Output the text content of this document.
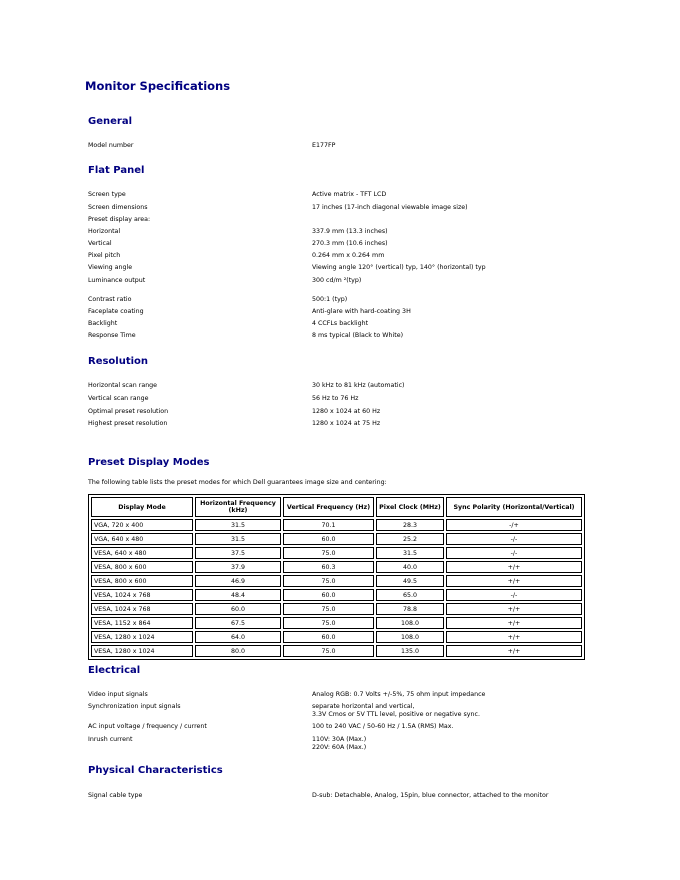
Monitor Specifications
General
Model number	E177FP
Flat Panel
Screen type	Active matrix - TFT LCD
Screen dimensions	17 inches (17-inch diagonal viewable image size)
Preset display area:
Horizontal	337.9 mm (13.3 inches)
Vertical	270.3 mm (10.6 inches)
Pixel pitch	0.264 mm x 0.264 mm
Viewing angle	Viewing angle 120° (vertical) typ, 140° (horizontal) typ
Luminance output	300 cd/m ²(typ)
Contrast ratio	500:1 (typ)
Faceplate coating	Anti-glare with hard-coating 3H
Backlight	4 CCFLs backlight
Response Time	8 ms typical (Black to White)
Resolution
Horizontal scan range	30 kHz to 81 kHz (automatic)
Vertical scan range	56 Hz to 76 Hz
Optimal preset resolution	1280 x 1024 at 60 Hz
Highest preset resolution	1280 x 1024 at 75 Hz
Preset Display Modes
The following table lists the preset modes for which Dell guarantees image size and centering:
Display Mode	Horizontal Frequency (kHz)	Vertical Frequency (Hz)	Pixel Clock (MHz)	Sync Polarity (Horizontal/Vertical)
VGA, 720 x 400	31.5	70.1	28.3	-/+
VGA, 640 x 480	31.5	60.0	25.2	-/-
VESA, 640 x 480	37.5	75.0	31.5	-/-
VESA, 800 x 600	37.9	60.3	40.0	+/+
VESA, 800 x 600	46.9	75.0	49.5	+/+
VESA, 1024 x 768	48.4	60.0	65.0	-/-
VESA, 1024 x 768	60.0	75.0	78.8	+/+
VESA, 1152 x 864	67.5	75.0	108.0	+/+
VESA, 1280 x 1024	64.0	60.0	108.0	+/+
VESA, 1280 x 1024	80.0	75.0	135.0	+/+
Electrical
Video input signals	Analog RGB: 0.7 Volts +/-5%, 75 ohm input impedance
Synchronization input signals	separate horizontal and vertical,
3.3V Cmos or 5V TTL level, positive or negative sync.
AC input voltage / frequency / current	100 to 240 VAC / 50-60 Hz / 1.5A (RMS) Max.
Inrush current	110V: 30A (Max.)
220V: 60A (Max.)
Physical Characteristics
Signal cable type	D-sub: Detachable, Analog, 15pin, blue connector, attached to the monitor
